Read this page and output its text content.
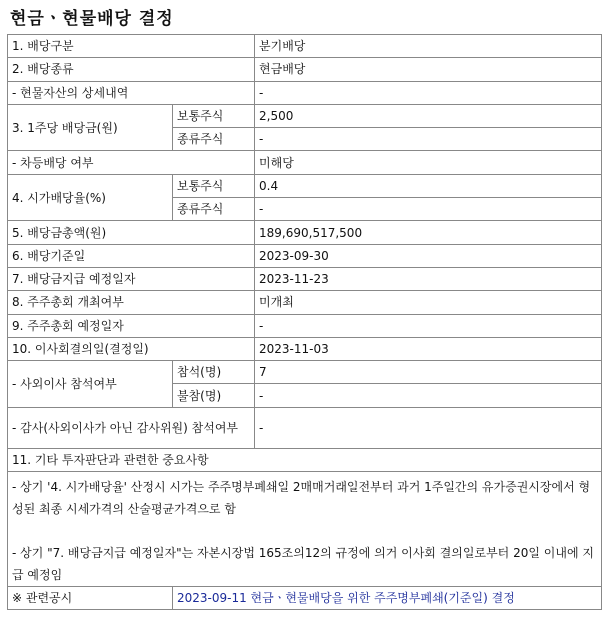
현금ㆍ현물배당 결정
1. 배당구분		분기배당
2. 배당종류		현금배당
- 현물자산의 상세내역		-
3. 1주당 배당금(원)	보통주식	2,500
	종류주식	-
- 차등배당 여부		미해당
4. 시가배당율(%)	보통주식	0.4
	종류주식	-
5. 배당금총액(원)		189,690,517,500
6. 배당기준일		2023-09-30
7. 배당금지급 예정일자		2023-11-23
8. 주주총회 개최여부		미개최
9. 주주총회 예정일자		-
10. 이사회결의일(결정일)		2023-11-03
- 사외이사 참석여부	참석(명)	7
	불참(명)	-
- 감사(사외이사가 아닌 감사위원) 참석여부		-
11. 기타 투자판단과 관련한 중요사항		

- 상기 '4. 시가배당율' 산정시 시가는 주주명부폐쇄일 2매매거래일전부터 과거 1주일간의 유가증권시장에서 형성된 최종 시세가격의 산술평균가격으로 함
- 상기 "7. 배당금지급 예정일자"는 자본시장법 165조의12의 규정에 의거 이사회 결의일로부터 20일 이내에 지급 예정임		

※ 관련공시	2023-09-11 현금ㆍ현물배당을 위한 주주명부폐쇄(기준일) 결정	
